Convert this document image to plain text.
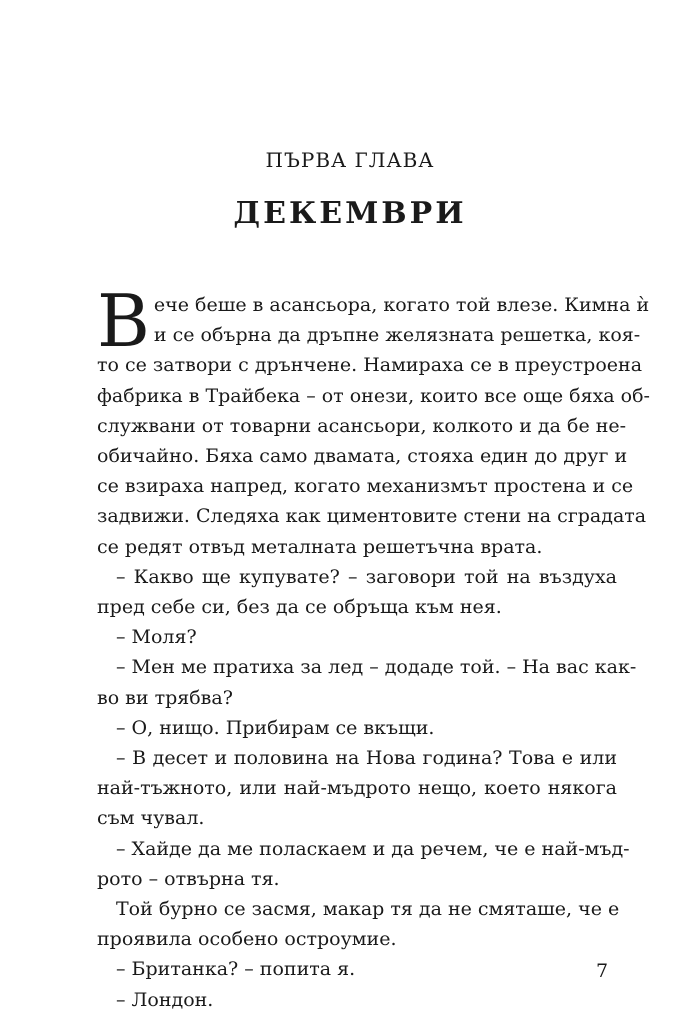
ПЪРВА ГЛАВА
ДЕКЕМВРИ
В ече беше в асансьора, когато той влезе. Кимна ѝ
и се обърна да дръпне желязната решетка, коя-
то се затвори с дрънчене. Намираха се в преустроена
фабрика в Трайбека – от онези, които все още бяха об-
служвани от товарни асансьори, колкото и да бе не-
обичайно. Бяха само двамата, стояха един до друг и
се взираха напред, когато механизмът простена и се
задвижи. Следяха как циментовите стени на сградата
се редят отвъд металната решетъчна врата.
– Какво ще купувате? – заговори той на въздуха
пред себе си, без да се обръща към нея.
– Моля?
– Мен ме пратиха за лед – додаде той. – На вас как-
во ви трябва?
– О, нищо. Прибирам се вкъщи.
– В десет и половина на Нова година? Това е или
най-тъжното, или най-мъдрото нещо, което някога
съм чувал.
– Хайде да ме поласкаем и да речем, че е най-мъд-
рото – отвърна тя.
Той бурно се засмя, макар тя да не смяташе, че е
проявила особено остроумие.
– Британка? – попита я.
– Лондон.
7
